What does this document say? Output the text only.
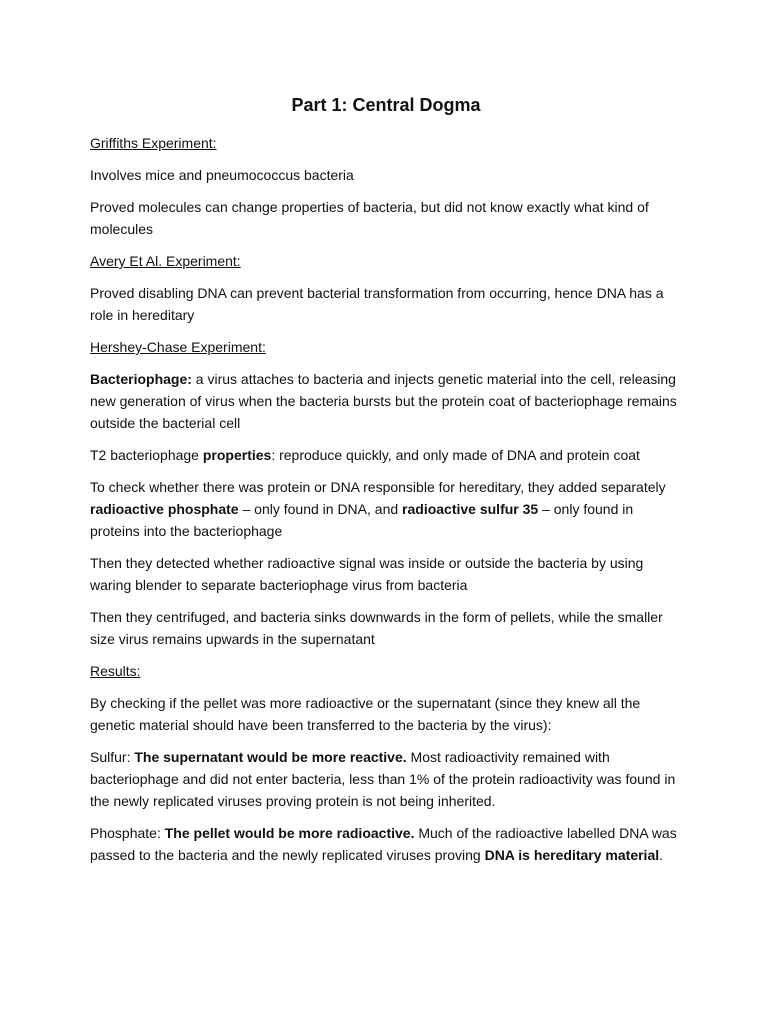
Part 1: Central Dogma

Griffiths Experiment:

Involves mice and pneumococcus bacteria

Proved molecules can change properties of bacteria, but did not know exactly what kind of molecules

Avery Et Al. Experiment:

Proved disabling DNA can prevent bacterial transformation from occurring, hence DNA has a role in hereditary

Hershey-Chase Experiment:

Bacteriophage: a virus attaches to bacteria and injects genetic material into the cell, releasing new generation of virus when the bacteria bursts but the protein coat of bacteriophage remains outside the bacterial cell

T2 bacteriophage properties: reproduce quickly, and only made of DNA and protein coat

To check whether there was protein or DNA responsible for hereditary, they added separately radioactive phosphate – only found in DNA, and radioactive sulfur 35 – only found in proteins into the bacteriophage

Then they detected whether radioactive signal was inside or outside the bacteria by using waring blender to separate bacteriophage virus from bacteria

Then they centrifuged, and bacteria sinks downwards in the form of pellets, while the smaller size virus remains upwards in the supernatant

Results:

By checking if the pellet was more radioactive or the supernatant (since they knew all the genetic material should have been transferred to the bacteria by the virus):

Sulfur: The supernatant would be more reactive. Most radioactivity remained with bacteriophage and did not enter bacteria, less than 1% of the protein radioactivity was found in the newly replicated viruses proving protein is not being inherited.

Phosphate: The pellet would be more radioactive. Much of the radioactive labelled DNA was passed to the bacteria and the newly replicated viruses proving DNA is hereditary material.
